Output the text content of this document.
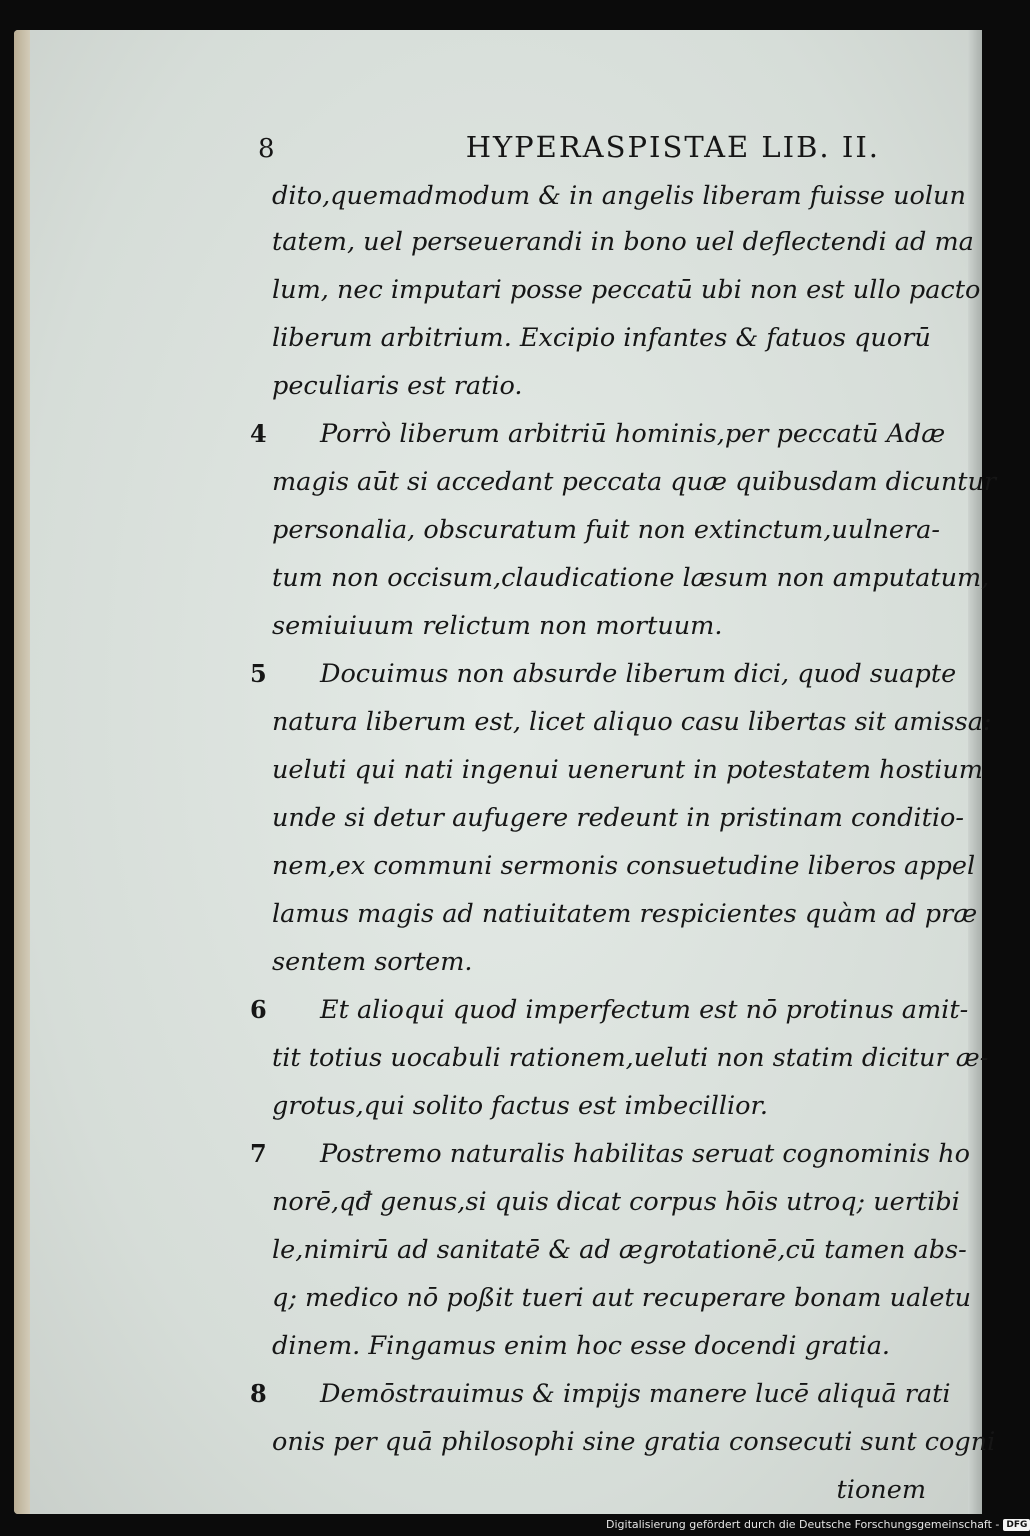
8	HYPERASPISTAE LIB. II.
dito,quemadmodum & in angelis liberam fuisse uolun
tatem, uel perseuerandi in bono uel deflectendi ad ma
lum, nec imputari posse peccatū ubi non est ullo pacto
liberum arbitrium. Excipio infantes & fatuos quorū
peculiaris est ratio.
4 Porrò liberum arbitriū hominis,per peccatū Adæ
magis aūt si accedant peccata quæ quibusdam dicuntur
personalia, obscuratum fuit non extinctum,uulnera-
tum non occisum,claudicatione læsum non amputatum,
semiuiuum relictum non mortuum.
5 Docuimus non absurde liberum dici, quod suapte
natura liberum est, licet aliquo casu libertas sit amissa:
ueluti qui nati ingenui uenerunt in potestatem hostium
unde si detur aufugere redeunt in pristinam conditio-
nem,ex communi sermonis consuetudine liberos appel
lamus magis ad natiuitatem respicientes quàm ad præ
sentem sortem.
6 Et alioqui quod imperfectum est nō protinus amit-
tit totius uocabuli rationem,ueluti non statim dicitur æ-
grotus,qui solito factus est imbecillior.
7 Postremo naturalis habilitas seruat cognominis ho
norē,qđ genus,si quis dicat corpus hōis utroq; uertibi
le,nimirū ad sanitatē & ad ægrotationē,cū tamen abs-
q; medico nō poßit tueri aut recuperare bonam ualetu
dinem. Fingamus enim hoc esse docendi gratia.
8 Demōstrauimus & impijs manere lucē aliquā rati
onis per quā philosophi sine gratia consecuti sunt cogni
tionem
Digitalisierung gefördert durch die Deutsche Forschungsgemeinschaft - DFG
